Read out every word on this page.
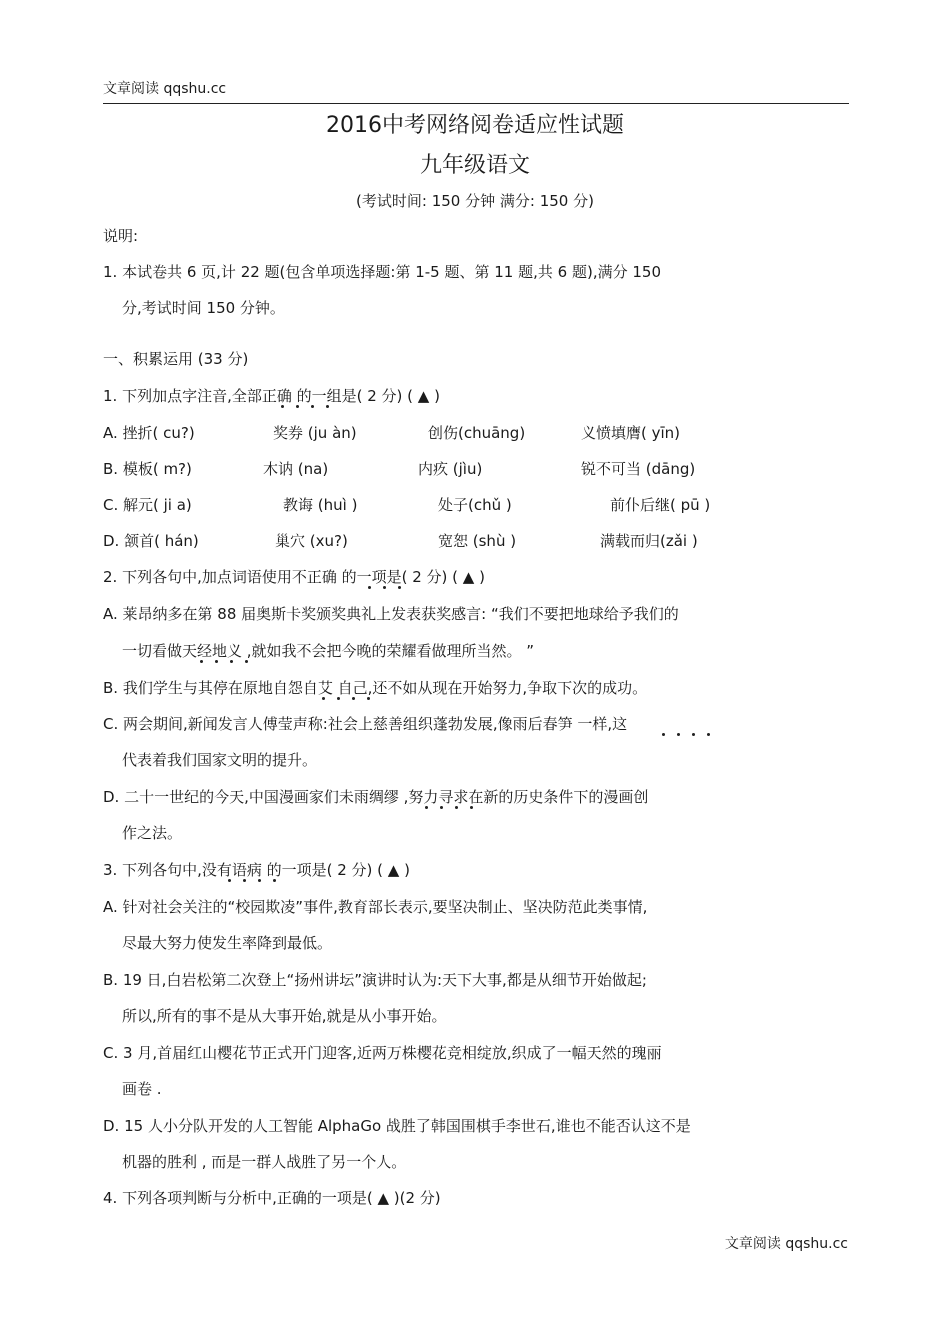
文章阅读 qqshu.cc
2016中考网络阅卷适应性试题
九年级语文
(考试时间: 150 分钟 满分: 150 分)
说明:
1. 本试卷共 6 页,计 22 题(包含单项选择题:第 1-5 题、第 11 题,共 6 题),满分 150
分,考试时间 150 分钟。
一、积累运用 (33 分)
1. 下列加点字注音,全部正确 的一组是( 2 分) ( ▲ )
A. 挫折( cu?)	奖券 (ju àn)	创伤(chuāng)	义愤填膺( yīn)
B. 模板( m?)	木讷 (na)	内疚 (jìu)	锐不可当 (dāng)
C. 解元( ji a)	教诲 (huì )	处子(chǔ )	前仆后继( pū )
D. 颔首( hán)	巢穴 (xu?)	宽恕 (shù )	满载而归(zǎi )
2. 下列各句中,加点词语使用不正确 的一项是( 2 分) ( ▲ )
A. 莱昂纳多在第 88 届奥斯卡奖颁奖典礼上发表获奖感言: “我们不要把地球给予我们的
一切看做天经地义 ,就如我不会把今晚的荣耀看做理所当然。 ”
B. 我们学生与其停在原地自怨自艾 自己,还不如从现在开始努力,争取下次的成功。
C. 两会期间,新闻发言人傅莹声称:社会上慈善组织蓬勃发展,像雨后春笋 一样,这
代表着我们国家文明的提升。
D. 二十一世纪的今天,中国漫画家们未雨绸缪 ,努力寻求在新的历史条件下的漫画创
作之法。
3. 下列各句中,没有语病 的一项是( 2 分) ( ▲ )
A. 针对社会关注的“校园欺凌”事件,教育部长表示,要坚决制止、坚决防范此类事情,
尽最大努力使发生率降到最低。
B. 19 日,白岩松第二次登上“扬州讲坛”演讲时认为:天下大事,都是从细节开始做起;
所以,所有的事不是从大事开始,就是从小事开始。
C. 3 月,首届红山樱花节正式开门迎客,近两万株樱花竞相绽放,织成了一幅天然的瑰丽
画卷 .
D. 15 人小分队开发的人工智能 AlphaGo 战胜了韩国围棋手李世石,谁也不能否认这不是
机器的胜利 , 而是一群人战胜了另一个人。
4. 下列各项判断与分析中,正确的一项是( ▲ )(2 分)
文章阅读 qqshu.cc
